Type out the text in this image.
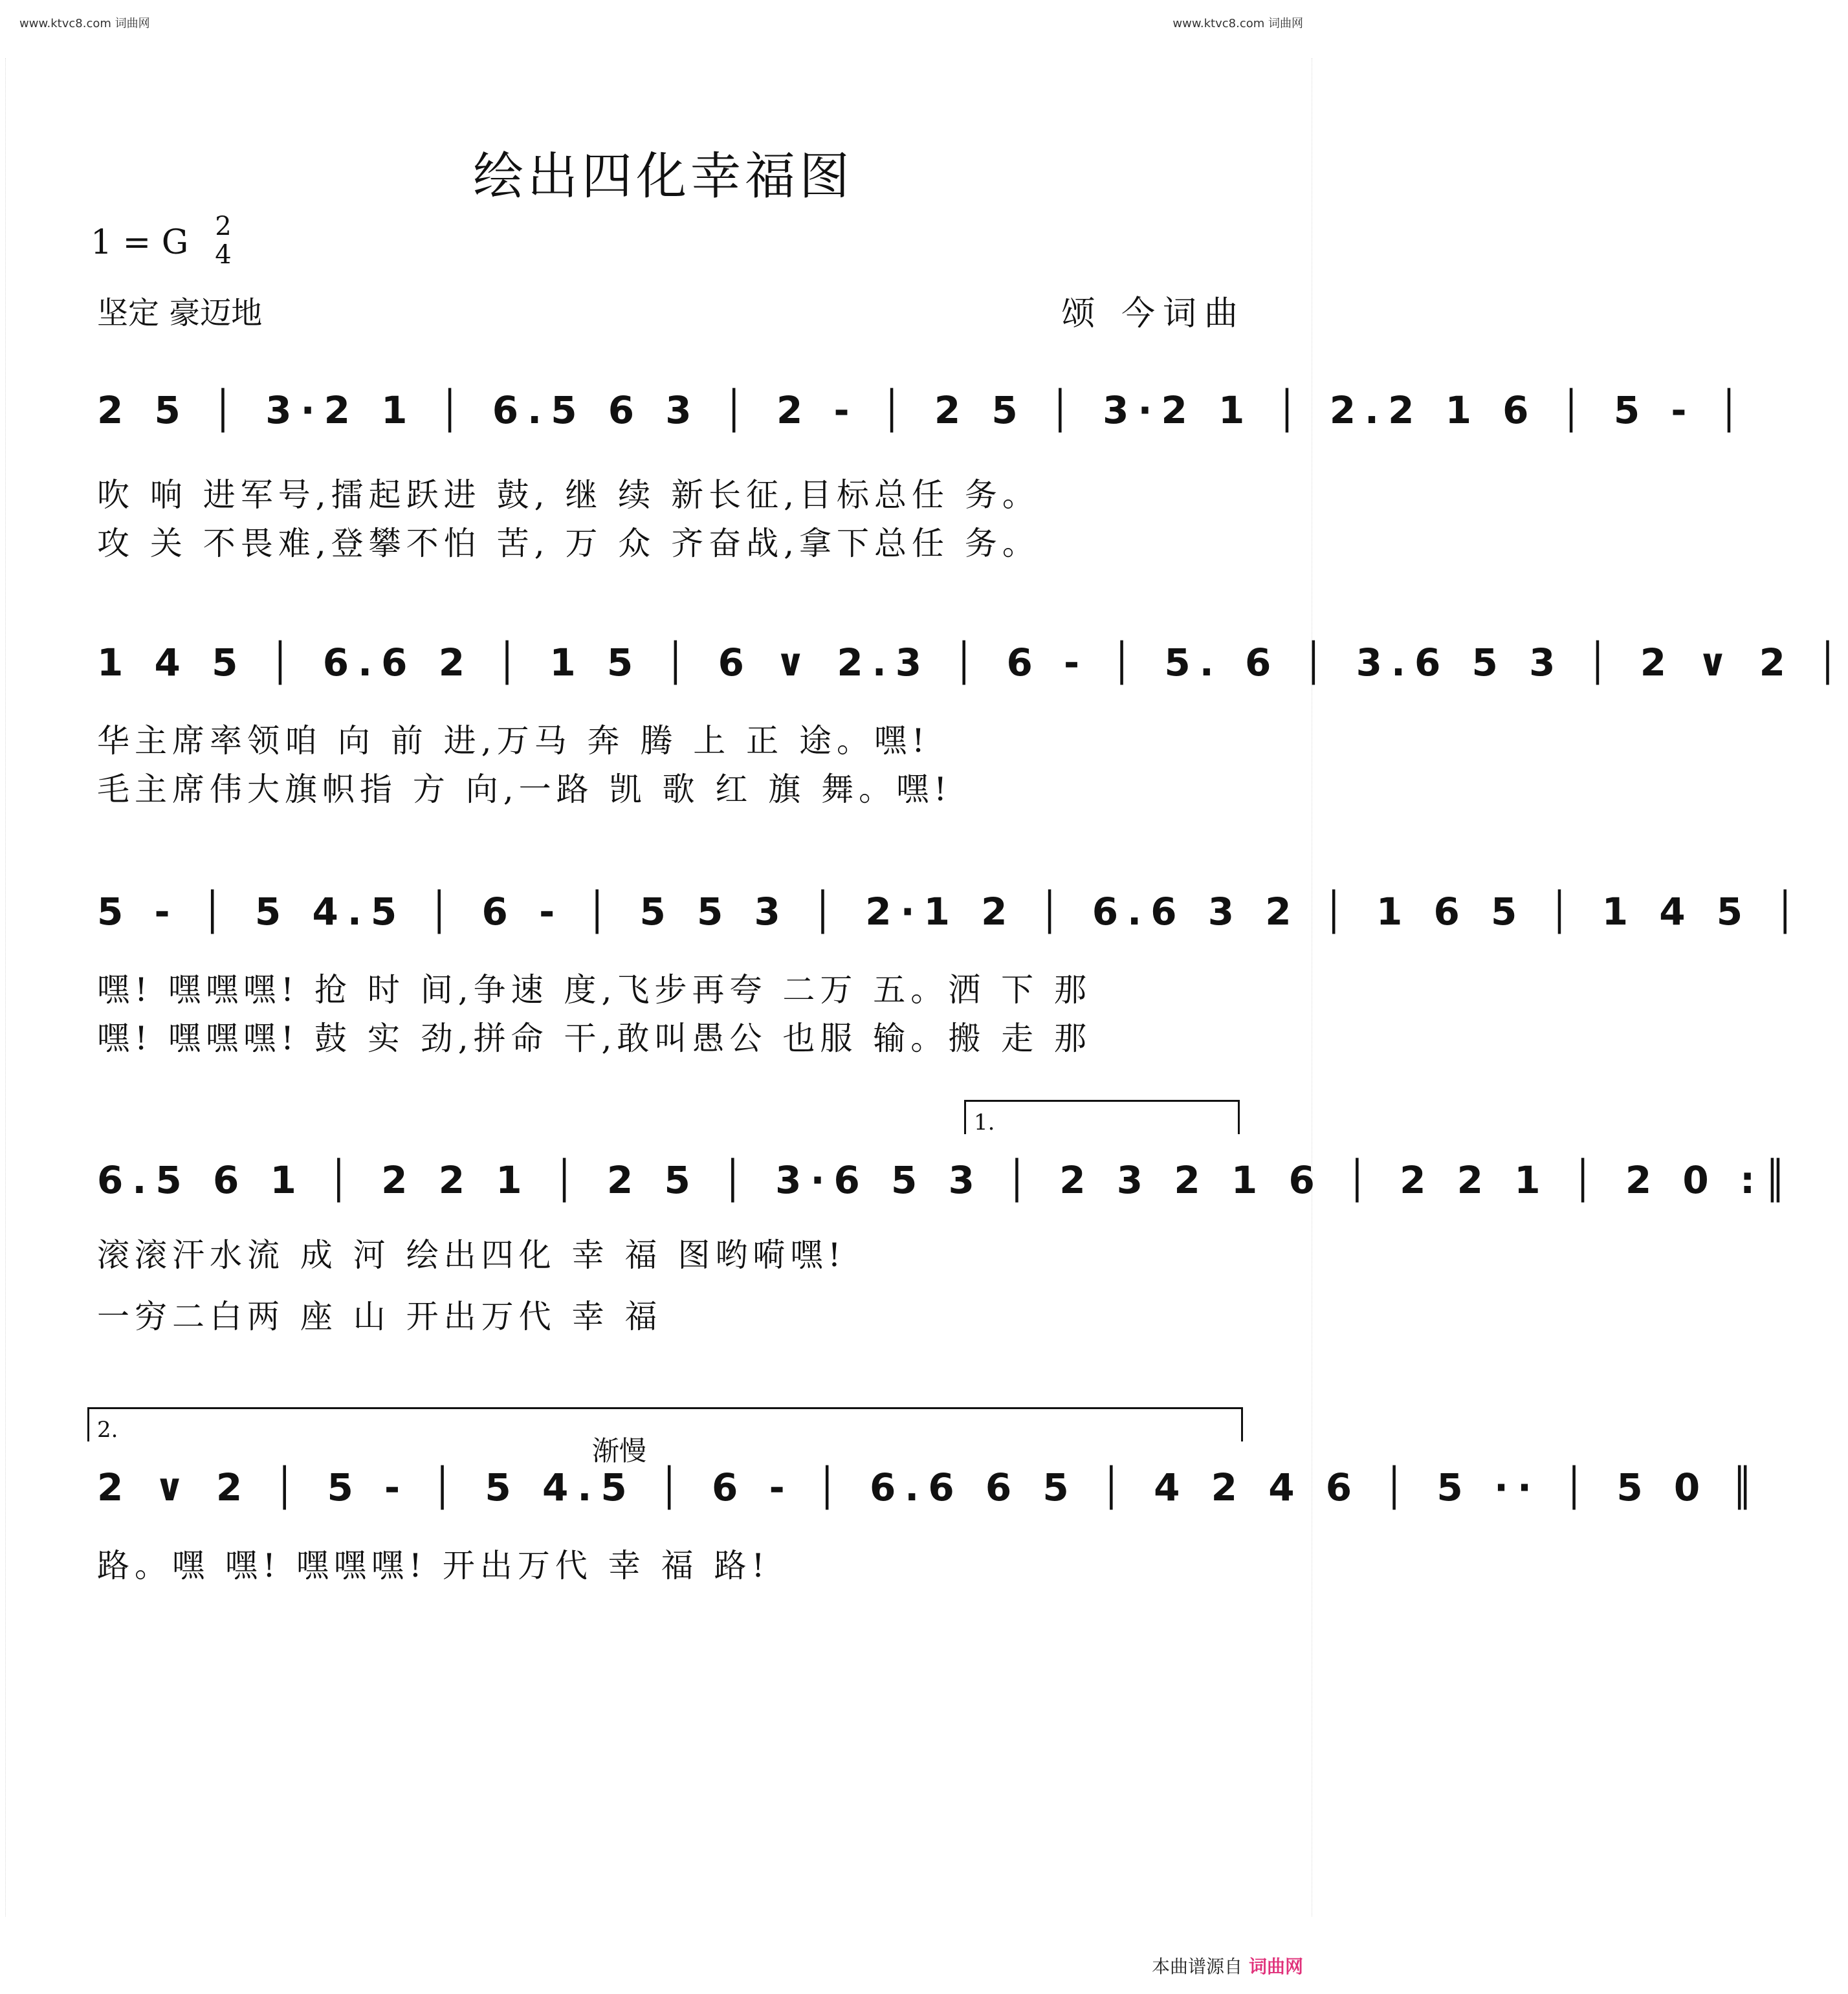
www.ktvc8.com 词曲网	www.ktvc8.com 词曲网
绘出四化幸福图
1 = G 2
4
坚定 豪迈地	颂 今词曲
2 5 │ 3·2 1 │ 6.5 6 3 │ 2 - │ 2 5 │ 3·2 1 │ 2.2 1 6 │ 5 - │
吹 响 进军号,擂起跃进 鼓, 继 续 新长征,目标总任 务。
攻 关 不畏难,登攀不怕 苦, 万 众 齐奋战,拿下总任 务。
1 4 5 │ 6.6 2 │ 1 5 │ 6 ∨ 2.3 │ 6 - │ 5. 6 │ 3.6 5 3 │ 2 ∨ 2 │
华主席率领咱 向 前 进,万马 奔 腾 上 正 途。嘿!
毛主席伟大旗帜指 方 向,一路 凯 歌 红 旗 舞。嘿!
5 - │ 5 4.5 │ 6 - │ 5 5 3 │ 2·1 2 │ 6.6 3 2 │ 1 6 5 │ 1 4 5 │
嘿! 嘿嘿嘿! 抢 时 间,争速 度,飞步再夸 二万 五。洒 下 那
嘿! 嘿嘿嘿! 鼓 实 劲,拼命 干,敢叫愚公 也服 输。搬 走 那
1.
6.5 6 1 │ 2 2 1 │ 2 5 │ 3·6 5 3 │ 2 3 2 1 6 │ 2 2 1 │ 2 0 :║
滚滚汗水流 成 河 绘出四化 幸 福 图哟嗬嘿!
一穷二白两 座 山 开出万代 幸 福
2.
渐慢
2 ∨ 2 │ 5 - │ 5 4.5 │ 6 - │ 6.6 6 5 │ 4 2 4 6 │ 5 ·· │ 5 0 ║
路。嘿 嘿! 嘿嘿嘿! 开出万代 幸 福 路!
本曲谱源自 词曲网
